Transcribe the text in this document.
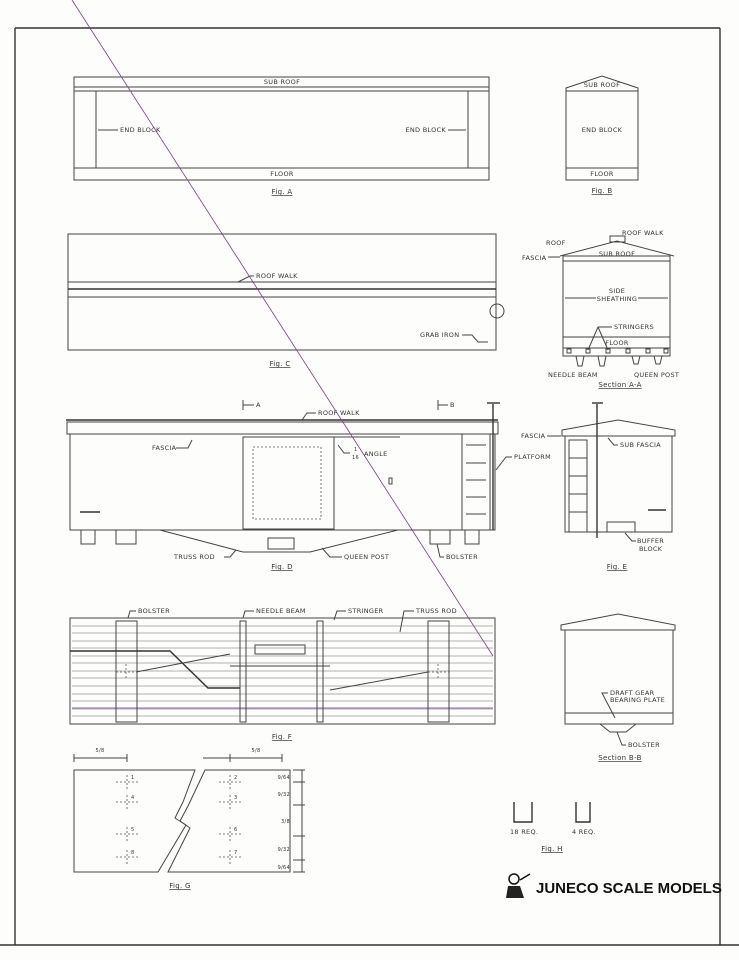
SUB ROOF
END BLOCK	END BLOCK
FLOOR
Fig. A
SUB ROOF
END BLOCK
FLOOR
Fig. B
ROOF WALK
GRAB IRON
Fig. C
ROOF WALK
ROOF
FASCIA	SUB ROOF
SIDE
SHEATHING
STRINGERS
FLOOR
NEEDLE BEAM	QUEEN POST
Section A-A
A	B
ROOF WALK
FASCIA	1
16 ANGLE	PLATFORM
TRUSS ROD	QUEEN POST	BOLSTER
Fig. D
FASCIA
SUB FASCIA
BUFFER
BLOCK
Fig. E
BOLSTER	NEEDLE BEAM	STRINGER	TRUSS ROD
Fig. F
DRAFT GEAR
BEARING PLATE
BOLSTER
Section B-B
5/8	5/8
1
4
5
8
2
3
6
7
9/64
9/32
3/8
9/32
9/64
Fig. G
18 REQ.	4 REQ.
Fig. H
JUNECO SCALE MODELS
